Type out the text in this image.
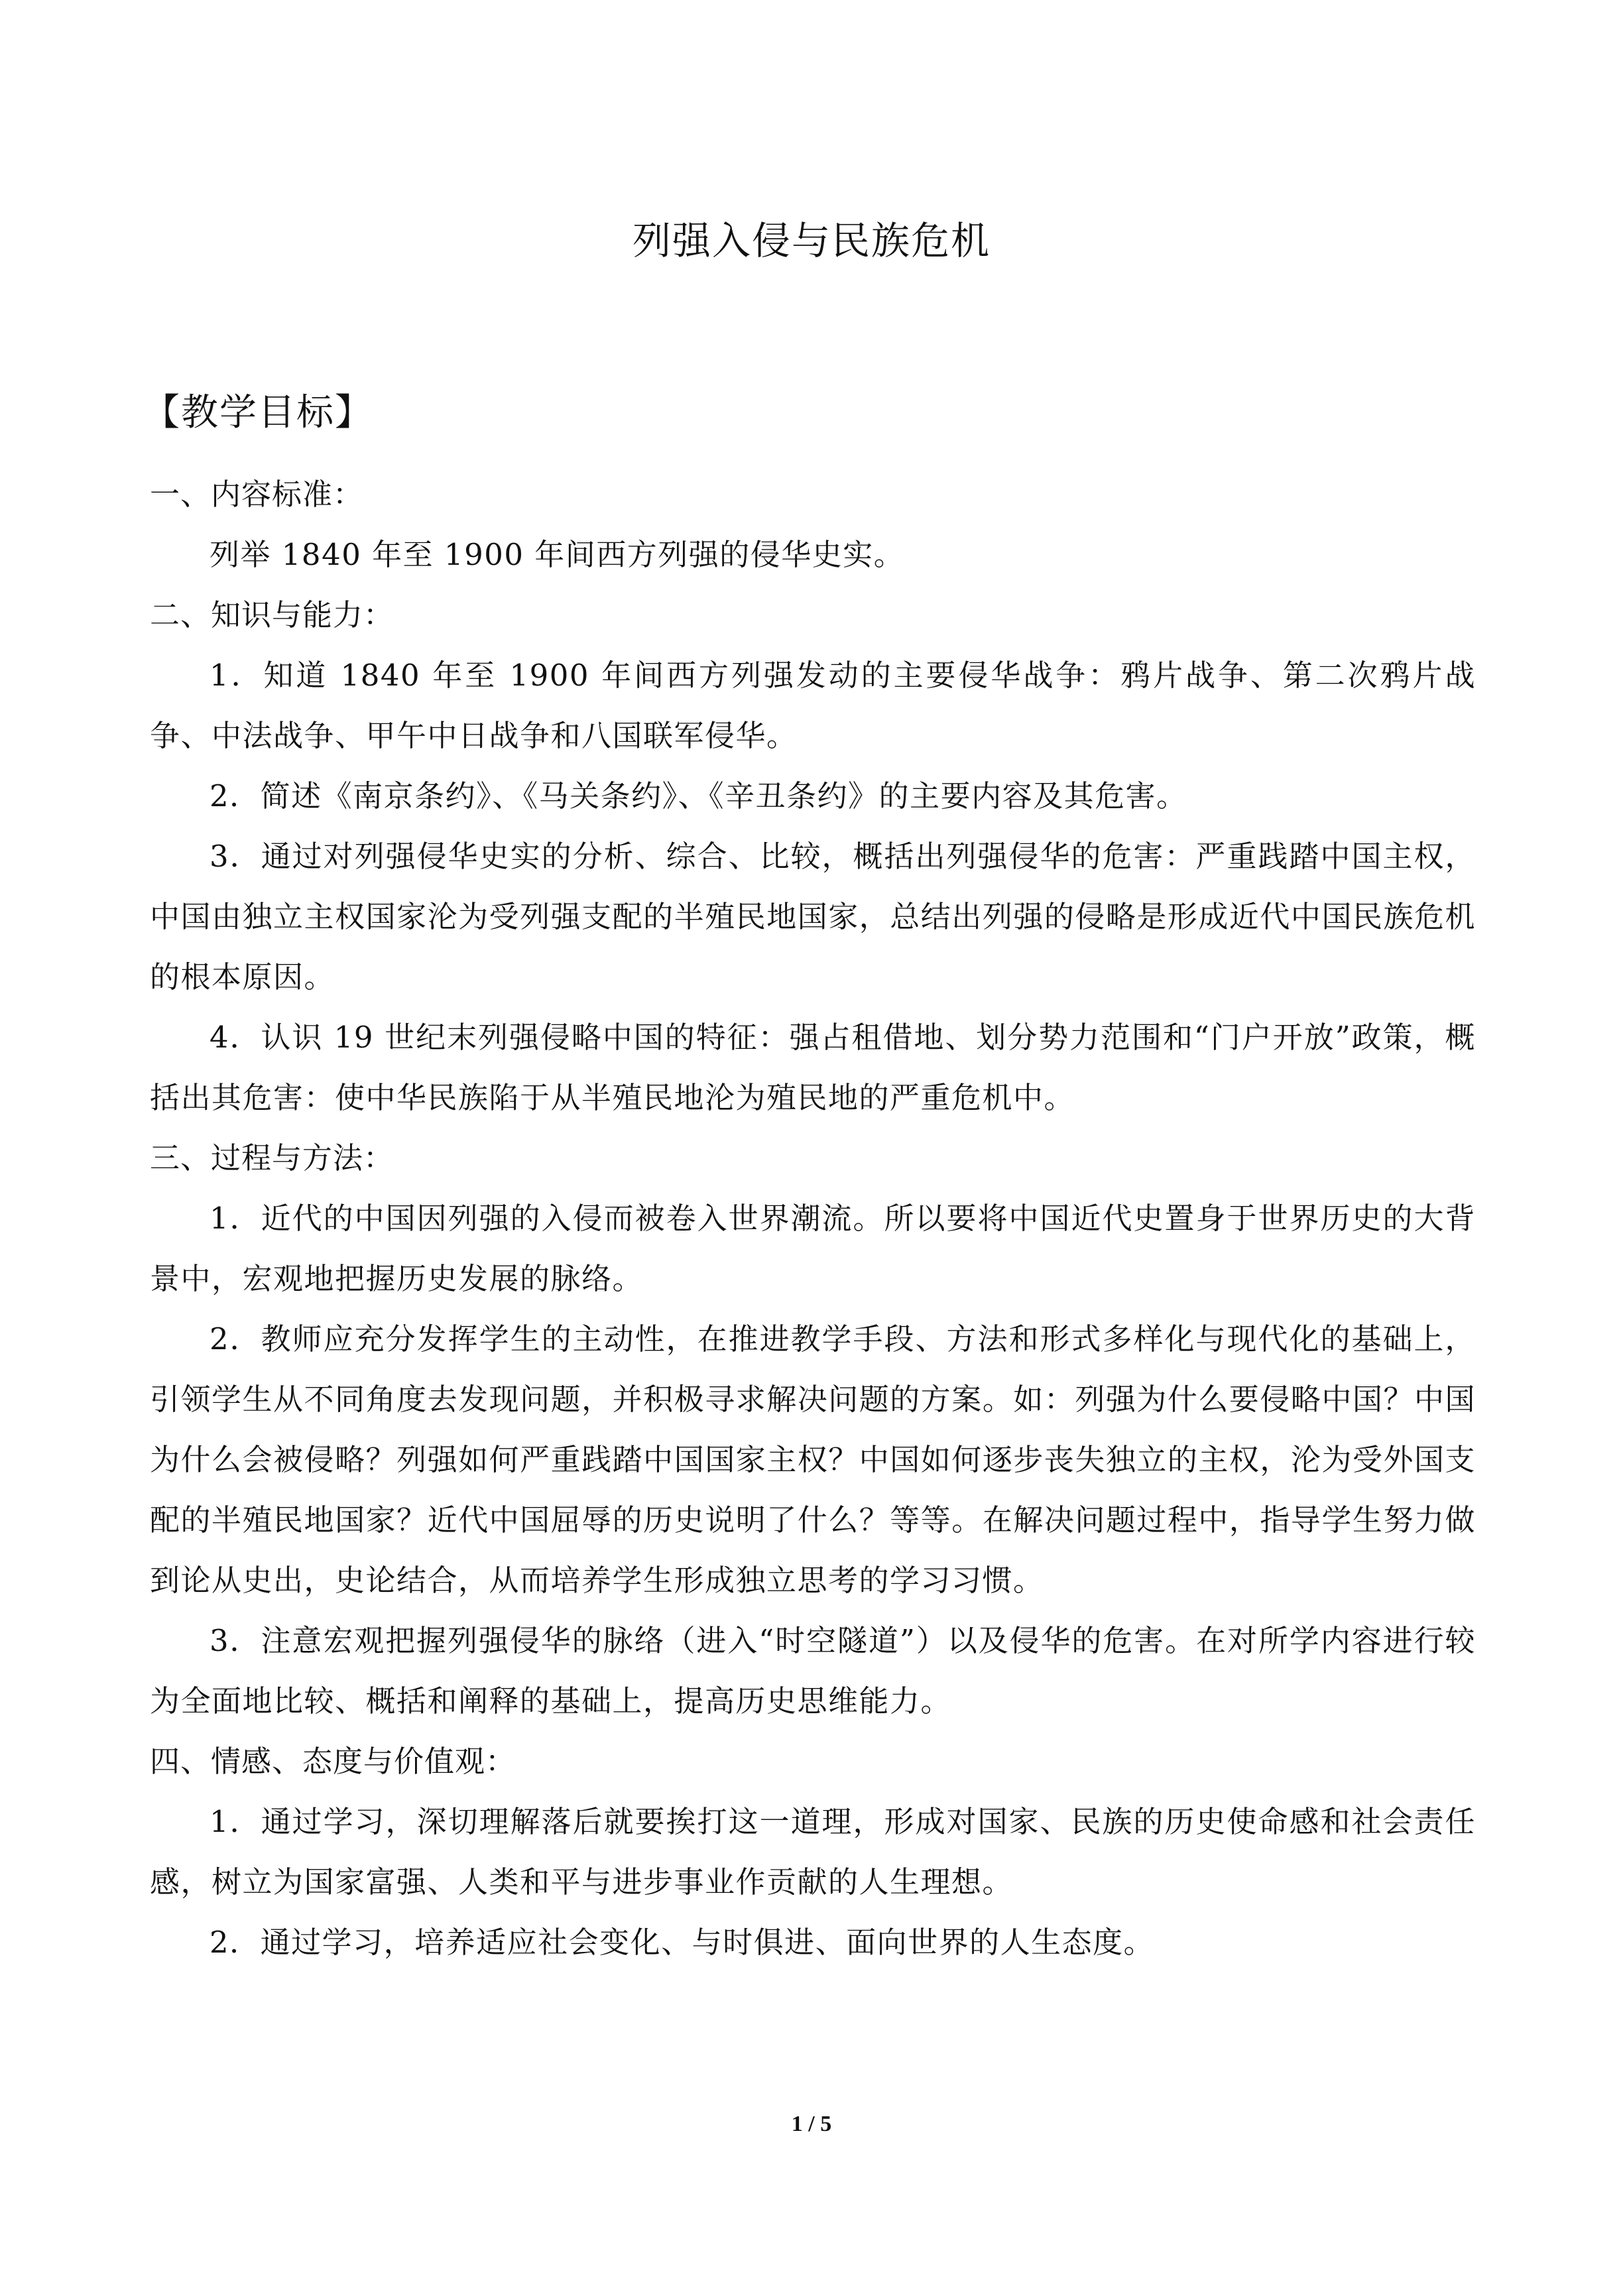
列强入侵与民族危机
【教学目标】

一、内容标准：

列举 1840 年至 1900 年间西方列强的侵华史实。

二、知识与能力：

1．知道 1840 年至 1900 年间西方列强发动的主要侵华战争：鸦片战争、第二次鸦片战争、中法战争、甲午中日战争和八国联军侵华。

2．简述《南京条约》、《马关条约》、《辛丑条约》的主要内容及其危害。

3．通过对列强侵华史实的分析、综合、比较，概括出列强侵华的危害：严重践踏中国主权，中国由独立主权国家沦为受列强支配的半殖民地国家，总结出列强的侵略是形成近代中国民族危机的根本原因。

4．认识 19 世纪末列强侵略中国的特征：强占租借地、划分势力范围和“门户开放”政策，概括出其危害：使中华民族陷于从半殖民地沦为殖民地的严重危机中。

三、过程与方法：

1．近代的中国因列强的入侵而被卷入世界潮流。所以要将中国近代史置身于世界历史的大背景中，宏观地把握历史发展的脉络。

2．教师应充分发挥学生的主动性，在推进教学手段、方法和形式多样化与现代化的基础上，引领学生从不同角度去发现问题，并积极寻求解决问题的方案。如：列强为什么要侵略中国？中国为什么会被侵略？列强如何严重践踏中国国家主权？中国如何逐步丧失独立的主权，沦为受外国支配的半殖民地国家？近代中国屈辱的历史说明了什么？等等。在解决问题过程中，指导学生努力做到论从史出，史论结合，从而培养学生形成独立思考的学习习惯。

3．注意宏观把握列强侵华的脉络（进入“时空隧道”）以及侵华的危害。在对所学内容进行较为全面地比较、概括和阐释的基础上，提高历史思维能力。

四、情感、态度与价值观：

1．通过学习，深切理解落后就要挨打这一道理，形成对国家、民族的历史使命感和社会责任感，树立为国家富强、人类和平与进步事业作贡献的人生理想。

2．通过学习，培养适应社会变化、与时俱进、面向世界的人生态度。

1 / 5
